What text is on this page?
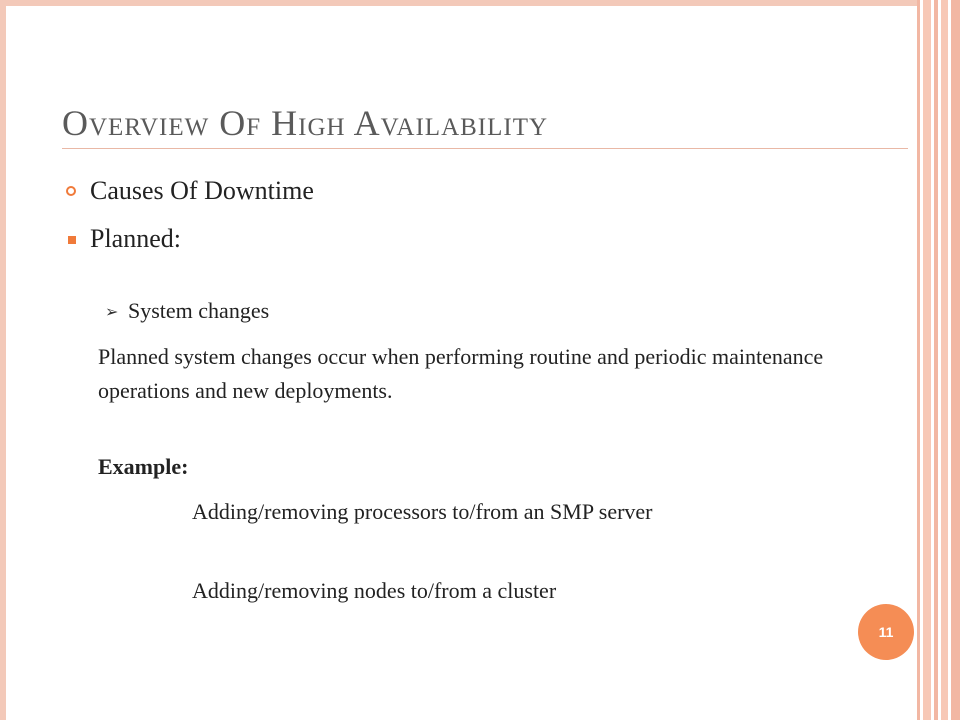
Overview Of High Availability
Causes Of Downtime
Planned:
➢ System changes

Planned system changes occur when performing routine and periodic maintenance operations and new deployments.

Example:

Adding/removing processors to/from an SMP server

Adding/removing nodes to/from a cluster

11
